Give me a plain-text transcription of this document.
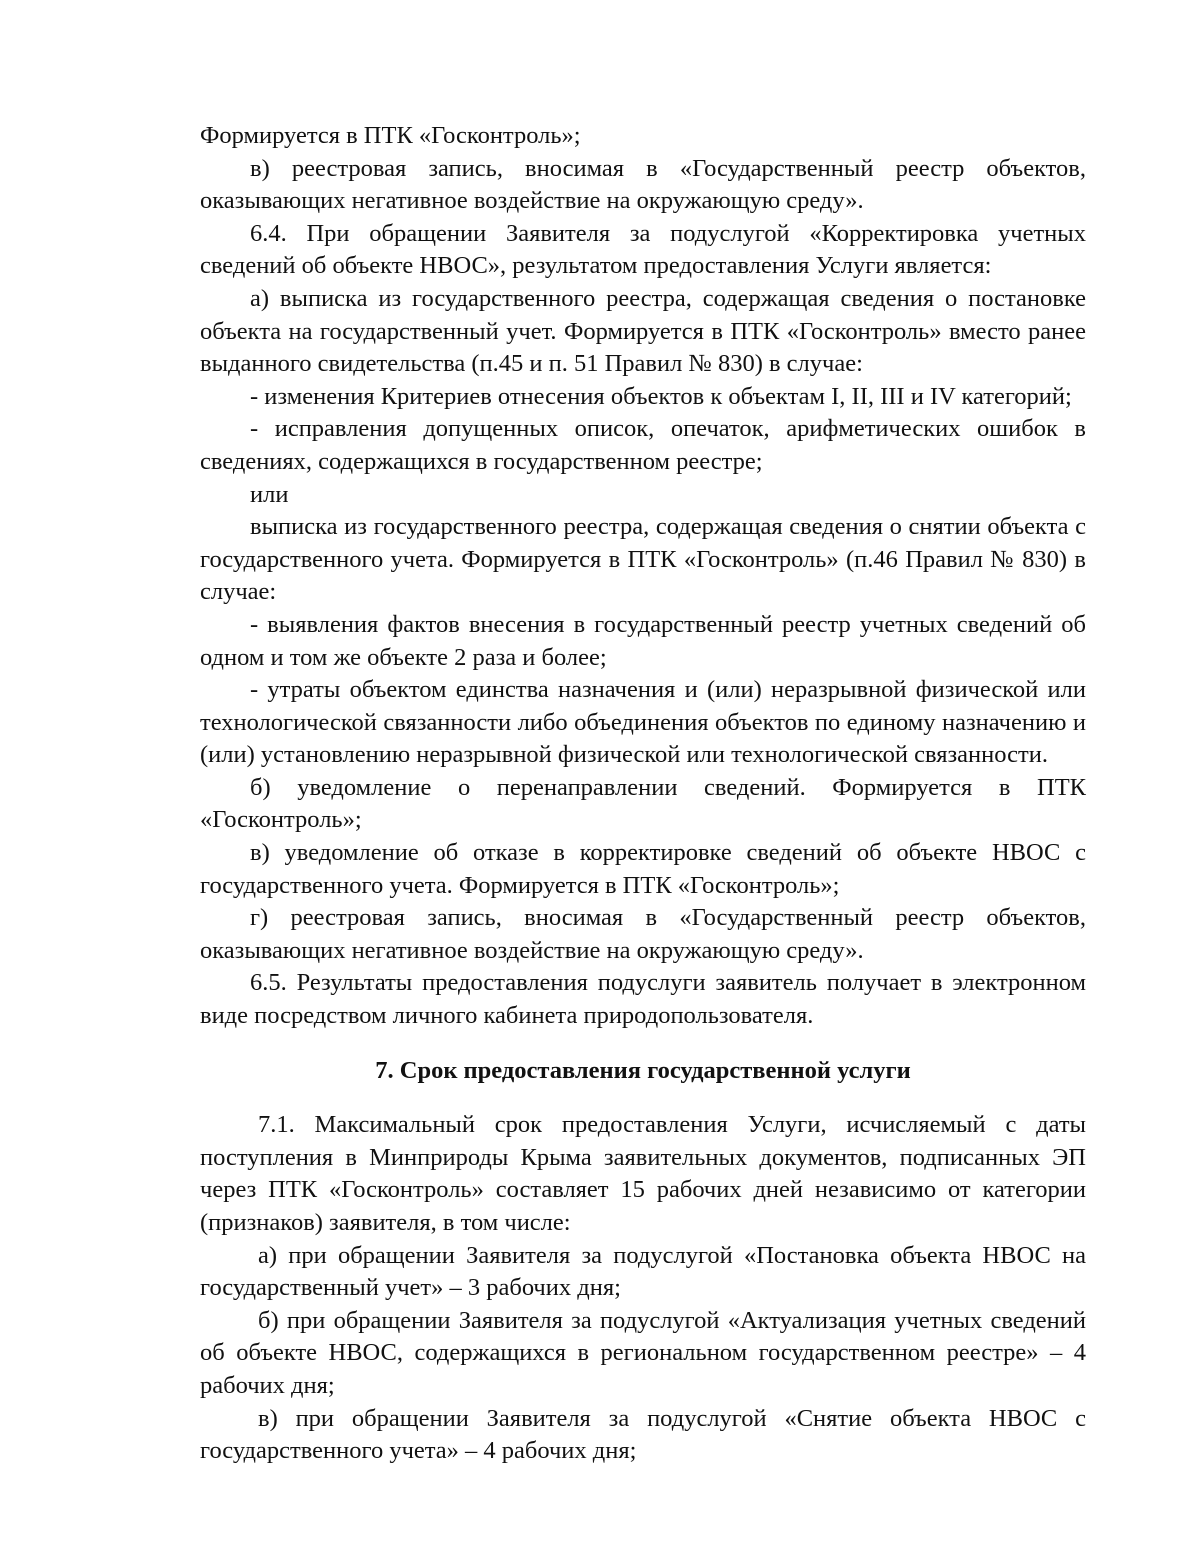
Формируется в ПТК «Госконтроль»;

в) реестровая запись, вносимая в «Государственный реестр объектов, оказывающих негативное воздействие на окружающую среду».

6.4. При обращении Заявителя за подуслугой «Корректировка учетных сведений об объекте НВОС», результатом предоставления Услуги является:

а) выписка из государственного реестра, содержащая сведения о постановке объекта на государственный учет. Формируется в ПТК «Госконтроль» вместо ранее выданного свидетельства (п.45 и п. 51 Правил № 830) в случае:

- изменения Критериев отнесения объектов к объектам I, II, III и IV категорий;

- исправления допущенных описок, опечаток, арифметических ошибок в сведениях, содержащихся в государственном реестре;

или

выписка из государственного реестра, содержащая сведения о снятии объекта с государственного учета. Формируется в ПТК «Госконтроль» (п.46 Правил № 830) в случае:

- выявления фактов внесения в государственный реестр учетных сведений об одном и том же объекте 2 раза и более;

- утраты объектом единства назначения и (или) неразрывной физической или технологической связанности либо объединения объектов по единому назначению и (или) установлению неразрывной физической или технологической связанности.

б) уведомление о перенаправлении сведений. Формируется в ПТК «Госконтроль»;

в) уведомление об отказе в корректировке сведений об объекте НВОС с государственного учета. Формируется в ПТК «Госконтроль»;

г) реестровая запись, вносимая в «Государственный реестр объектов, оказывающих негативное воздействие на окружающую среду».

6.5. Результаты предоставления подуслуги заявитель получает в электронном виде посредством личного кабинета природопользователя.

7. Срок предоставления государственной услуги

7.1. Максимальный срок предоставления Услуги, исчисляемый с даты поступления в Минприроды Крыма заявительных документов, подписанных ЭП через ПТК «Госконтроль» составляет 15 рабочих дней независимо от категории (признаков) заявителя, в том числе:

а) при обращении Заявителя за подуслугой «Постановка объекта НВОС на государственный учет» – 3 рабочих дня;

б) при обращении Заявителя за подуслугой «Актуализация учетных сведений об объекте НВОС, содержащихся в региональном государственном реестре» – 4 рабочих дня;

в) при обращении Заявителя за подуслугой «Снятие объекта НВОС с государственного учета» – 4 рабочих дня;
